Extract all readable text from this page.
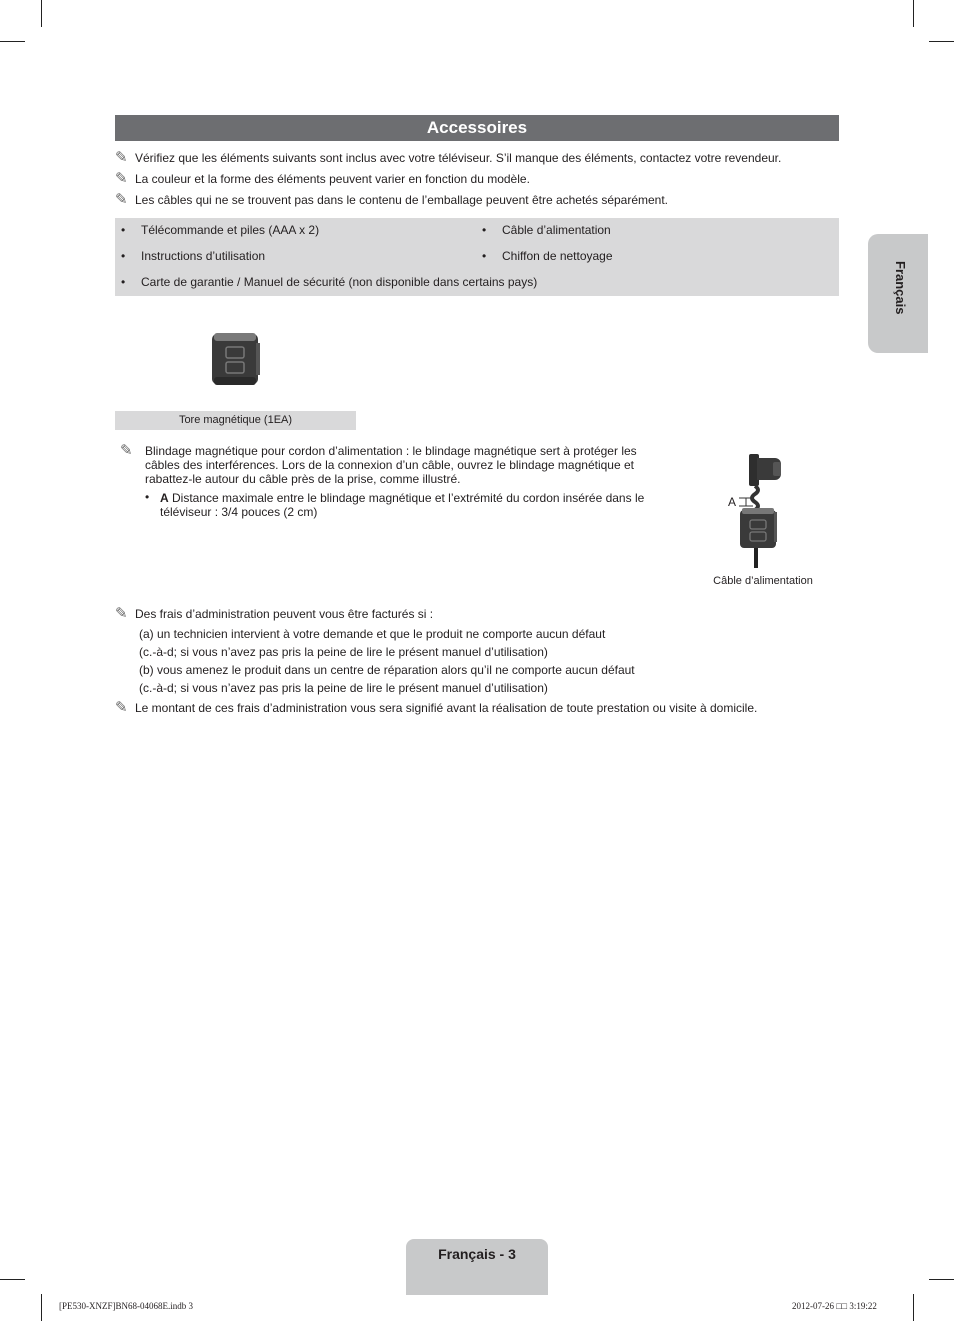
Accessoires
✎ Vérifiez que les éléments suivants sont inclus avec votre téléviseur. S’il manque des éléments, contactez votre revendeur.
✎ La couleur et la forme des éléments peuvent varier en fonction du modèle.
✎ Les câbles qui ne se trouvent pas dans le contenu de l’emballage peuvent être achetés séparément.
• Télécommande et piles (AAA x 2)	• Câble d’alimentation
• Instructions d’utilisation	• Chiffon de nettoyage
• Carte de garantie / Manuel de sécurité (non disponible dans certains pays)
Tore magnétique (1EA)
✎ Blindage magnétique pour cordon d’alimentation : le blindage magnétique sert à protéger les câbles des interférences. Lors de la connexion d’un câble, ouvrez le blindage magnétique et rabattez-le autour du câble près de la prise, comme illustré.
• A Distance maximale entre le blindage magnétique et l’extrémité du cordon insérée dans le téléviseur : 3/4 pouces (2 cm)
A
Câble d’alimentation
✎ Des frais d’administration peuvent vous être facturés si :
(a) un technicien intervient à votre demande et que le produit ne comporte aucun défaut
(c.-à-d; si vous n’avez pas pris la peine de lire le présent manuel d’utilisation)
(b) vous amenez le produit dans un centre de réparation alors qu’il ne comporte aucun défaut
(c.-à-d; si vous n’avez pas pris la peine de lire le présent manuel d’utilisation)
✎ Le montant de ces frais d’administration vous sera signifié avant la réalisation de toute prestation ou visite à domicile.
Français
Français - 3
[PE530-XNZF]BN68-04068E.indb 3	2012-07-26 □□ 3:19:22
